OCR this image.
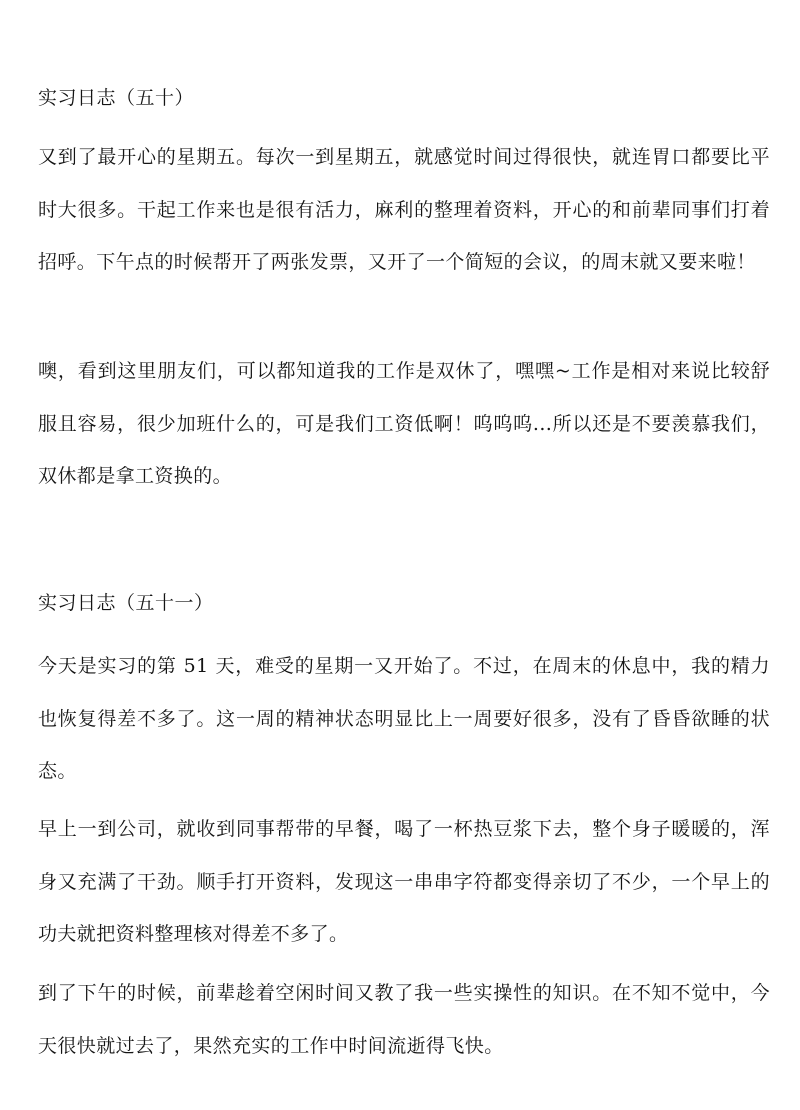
实习日志（五十）

又到了最开心的星期五。每次一到星期五，就感觉时间过得很快，就连胃口都要比平时大很多。干起工作来也是很有活力，麻利的整理着资料，开心的和前辈同事们打着招呼。下午点的时候帮开了两张发票，又开了一个简短的会议，的周末就又要来啦！

噢，看到这里朋友们，可以都知道我的工作是双休了，嘿嘿~工作是相对来说比较舒服且容易，很少加班什么的，可是我们工资低啊！呜呜呜...所以还是不要羡慕我们，双休都是拿工资换的。

实习日志（五十一）

今天是实习的第 51 天，难受的星期一又开始了。不过，在周末的休息中，我的精力也恢复得差不多了。这一周的精神状态明显比上一周要好很多，没有了昏昏欲睡的状态。

早上一到公司，就收到同事帮带的早餐，喝了一杯热豆浆下去，整个身子暖暖的，浑身又充满了干劲。顺手打开资料，发现这一串串字符都变得亲切了不少，一个早上的功夫就把资料整理核对得差不多了。

到了下午的时候，前辈趁着空闲时间又教了我一些实操性的知识。在不知不觉中，今天很快就过去了，果然充实的工作中时间流逝得飞快。
